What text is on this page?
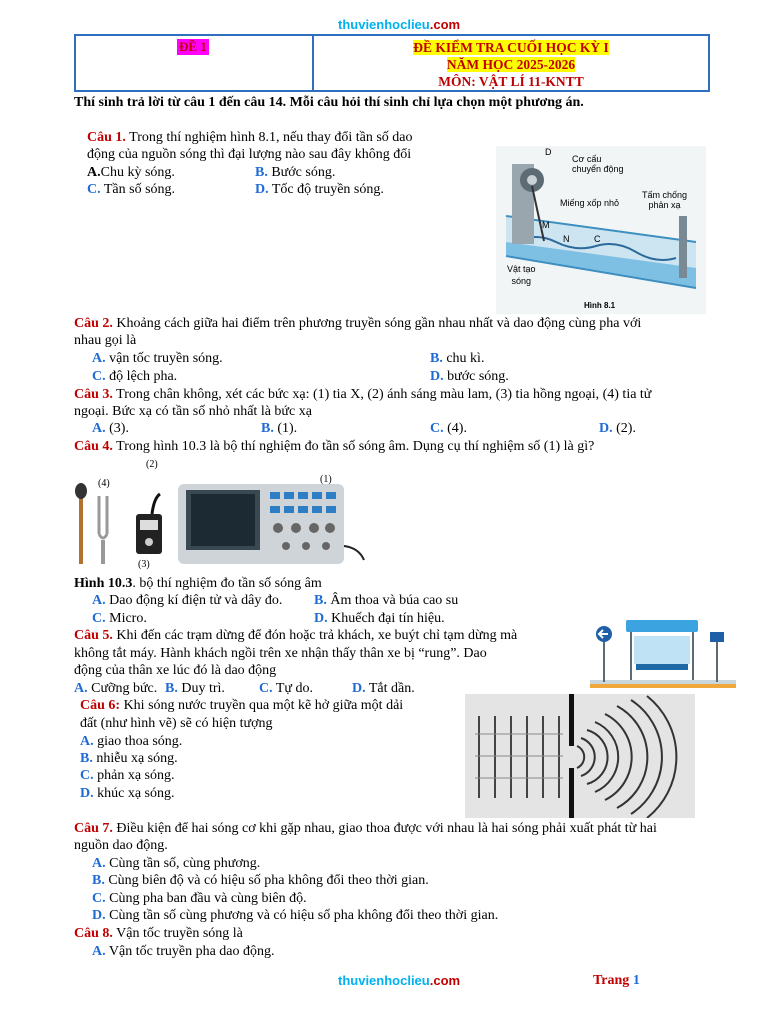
thuvienhoclieu.com
ĐỀ 1	ĐỀ KIỂM TRA CUỐI HỌC KỲ I
NĂM HỌC 2025-2026
MÔN: VẬT LÍ 11-KNTT
Thí sinh trả lời từ câu 1 đến câu 14. Mỗi câu hỏi thí sinh chỉ lựa chọn một phương án.
Câu 1. Trong thí nghiệm hình 8.1, nếu thay đổi tần số dao
động của nguồn sóng thì đại lượng nào sau đây không đổi
A.Chu kỳ sóng.	B. Bước sóng.
C. Tần số sóng.	D. Tốc độ truyền sóng.
D
Cơ cấu
chuyển động
Miếng xốp nhỏ
Tấm chống
phản xạ
M
N	C
Vật tạo
sóng
Hình 8.1
Câu 2. Khoảng cách giữa hai điểm trên phương truyền sóng gần nhau nhất và dao động cùng pha với
nhau gọi là
A. vận tốc truyền sóng.	B. chu kì.
C. độ lệch pha.	D. bước sóng.
Câu 3. Trong chân không, xét các bức xạ: (1) tia X, (2) ánh sáng màu lam, (3) tia hồng ngoại, (4) tia tử
ngoại. Bức xạ có tần số nhỏ nhất là bức xạ
A. (3).	B. (1).	C. (4).	D. (2).
Câu 4. Trong hình 10.3 là bộ thí nghiệm đo tần số sóng âm. Dụng cụ thí nghiệm số (1) là gì?
(4)
(2)
(1)
(3)
Hình 10.3. bộ thí nghiệm đo tần số sóng âm
A. Dao động kí điện tử và dây đo. B. Âm thoa và búa cao su
C. Micro.	D. Khuếch đại tín hiệu.
Câu 5. Khi đến các trạm dừng để đón hoặc trả khách, xe buýt chỉ tạm dừng mà
không tắt máy. Hành khách ngồi trên xe nhận thấy thân xe bị “rung”. Dao
động của thân xe lúc đó là dao động
A. Cưỡng bức. B. Duy trì. C. Tự do.	D. Tắt dần.
Câu 6: Khi sóng nước truyền qua một kẽ hở giữa một dải
đất (như hình vẽ) sẽ có hiện tượng
A. giao thoa sóng.
B. nhiễu xạ sóng.
C. phản xạ sóng.
D. khúc xạ sóng.
Câu 7. Điều kiện để hai sóng cơ khi gặp nhau, giao thoa được với nhau là hai sóng phải xuất phát từ hai
nguồn dao động.
A. Cùng tần số, cùng phương.
B. Cùng biên độ và có hiệu số pha không đổi theo thời gian.
C. Cùng pha ban đầu và cùng biên độ.
D. Cùng tần số cùng phương và có hiệu số pha không đổi theo thời gian.
Câu 8. Vận tốc truyền sóng là
A. Vận tốc truyền pha dao động.
thuvienhoclieu.com	Trang 1
